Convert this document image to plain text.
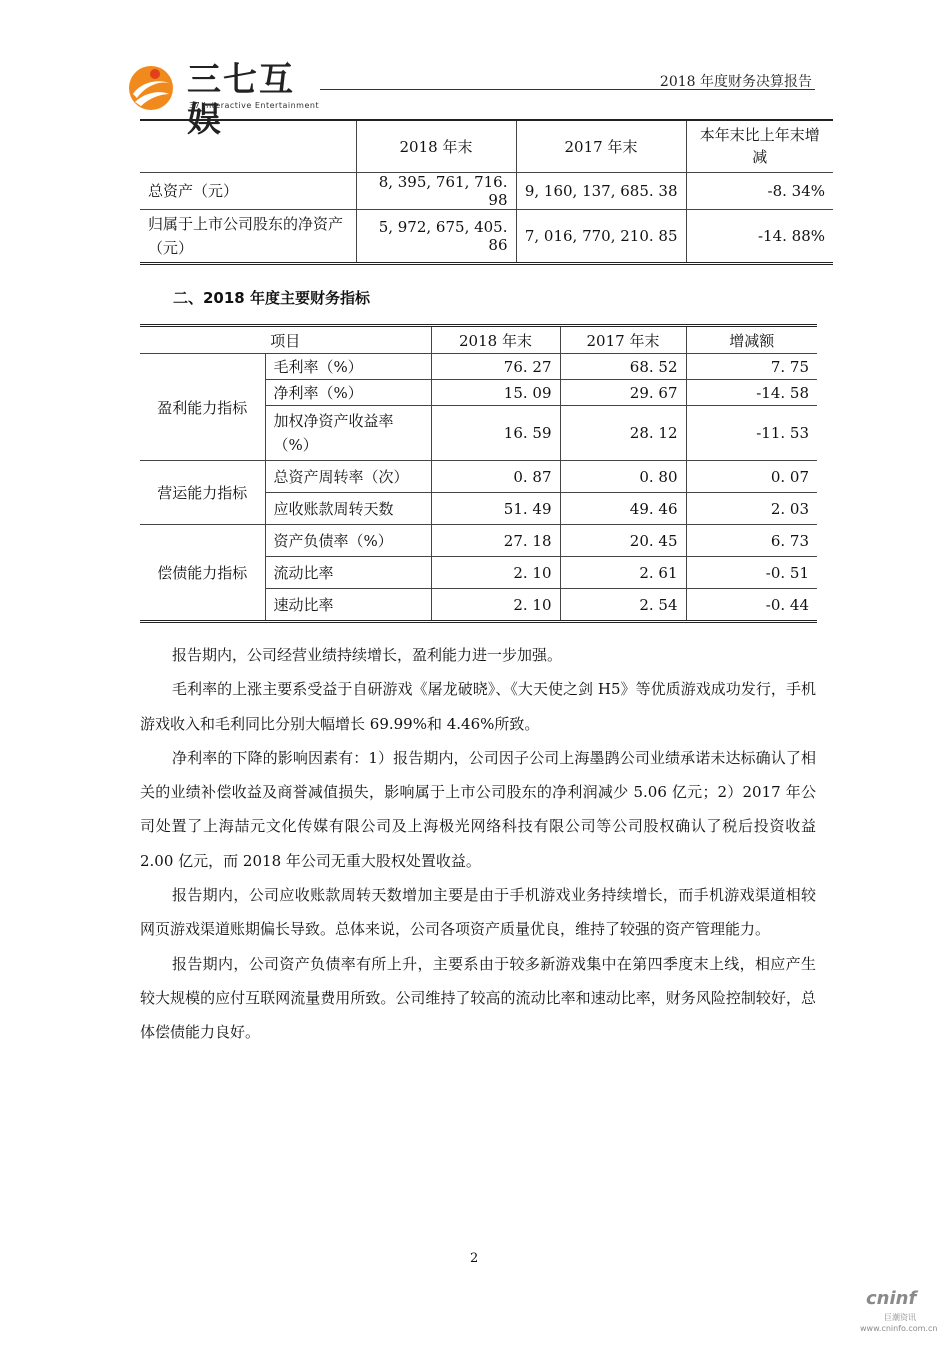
三七互娱
37 Interactive Entertainment
2018 年度财务决算报告
	2018 年末	2017 年末	本年末比上年末增减
总资产（元）	8, 395, 761, 716. 98	9, 160, 137, 685. 38	-8. 34%
归属于上市公司股东的净资产（元）	5, 972, 675, 405. 86	7, 016, 770, 210. 85	-14. 88%
二、2018 年度主要财务指标
项目		2018 年末	2017 年末	增减额
盈利能力指标	毛利率（%）	76. 27	68. 52	7. 75
	净利率（%）	15. 09	29. 67	-14. 58
	加权净资产收益率（%）	16. 59	28. 12	-11. 53
营运能力指标	总资产周转率（次）	0. 87	0. 80	0. 07
	应收账款周转天数	51. 49	49. 46	2. 03
偿债能力指标	资产负债率（%）	27. 18	20. 45	6. 73
	流动比率	2. 10	2. 61	-0. 51
	速动比率	2. 10	2. 54	-0. 44

报告期内，公司经营业绩持续增长，盈利能力进一步加强。

毛利率的上涨主要系受益于自研游戏《屠龙破晓》、《大天使之剑 H5》等优质游戏成功发行，手机游戏收入和毛利同比分别大幅增长 69.99%和 4.46%所致。

净利率的下降的影响因素有：1）报告期内，公司因子公司上海墨鹍公司业绩承诺未达标确认了相关的业绩补偿收益及商誉减值损失，影响属于上市公司股东的净利润减少 5.06 亿元；2）2017 年公司处置了上海喆元文化传媒有限公司及上海极光网络科技有限公司等公司股权确认了税后投资收益 2.00 亿元，而 2018 年公司无重大股权处置收益。

报告期内，公司应收账款周转天数增加主要是由于手机游戏业务持续增长，而手机游戏渠道相较网页游戏渠道账期偏长导致。总体来说，公司各项资产质量优良，维持了较强的资产管理能力。

报告期内，公司资产负债率有所上升，主要系由于较多新游戏集中在第四季度末上线，相应产生较大规模的应付互联网流量费用所致。公司维持了较高的流动比率和速动比率，财务风险控制较好，总体偿债能力良好。

2
cninf
巨潮资讯
www.cninfo.com.cn
